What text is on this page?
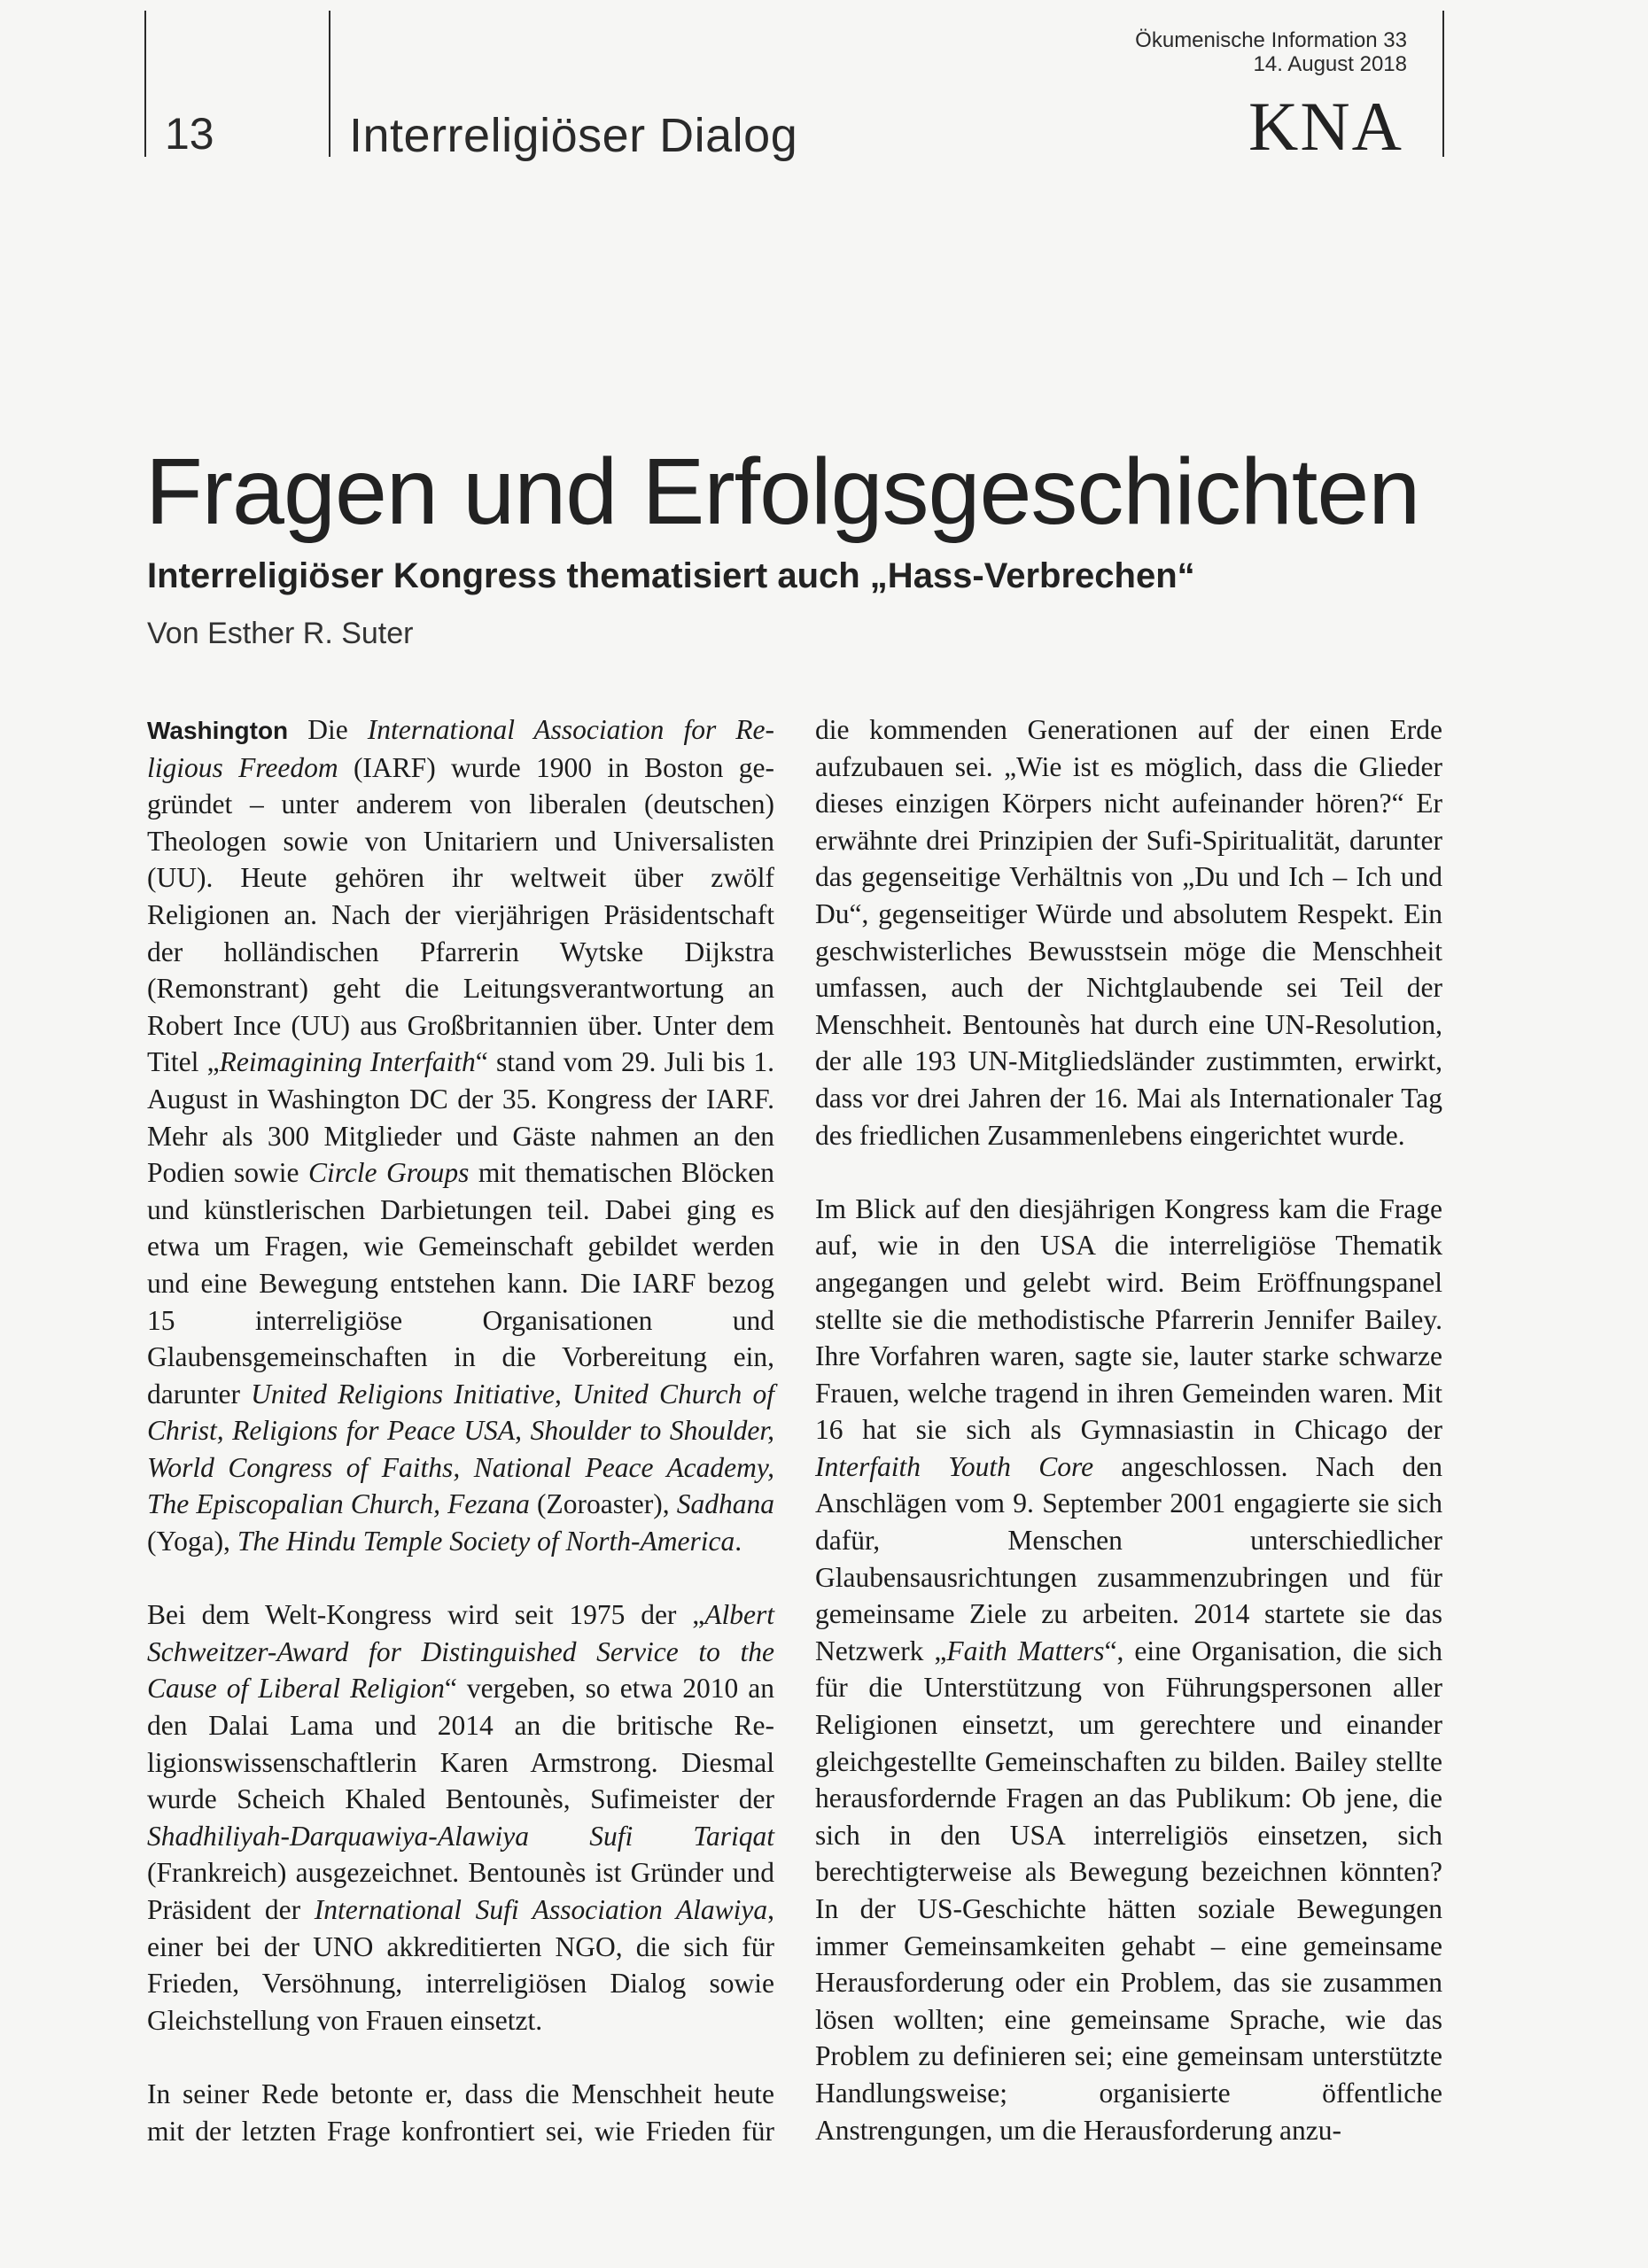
13	Interreligiöser Dialog
Ökumenische Information 33
14. August 2018
KNA
Fragen und Erfolgsgeschichten
Interreligiöser Kongress thematisiert auch „Hass-Verbrechen“
Von Esther R. Suter

Washington Die International Association for Religious Freedom (IARF) wurde 1900 in Boston gegründet – unter anderem von liberalen (deutschen) Theologen sowie von Unitariern und Universalisten (UU). Heute gehören ihr weltweit über zwölf Religionen an. Nach der vierjährigen Präsidentschaft der holländischen Pfarrerin Wytske Dijkstra (Remonstrant) geht die Leitungsverantwortung an Robert Ince (UU) aus Großbritannien über. Unter dem Titel „Reimagining Interfaith“ stand vom 29. Juli bis 1. August in Washington DC der 35. Kongress der IARF. Mehr als 300 Mitglieder und Gäste nahmen an den Podien sowie Circle Groups mit thematischen Blöcken und künstlerischen Darbietungen teil. Dabei ging es etwa um Fragen, wie Gemeinschaft gebildet werden und eine Bewegung entstehen kann. Die IARF bezog 15 interreligiöse Organisationen und Glaubensgemeinschaften in die Vorbereitung ein, darunter United Religions Initiative, United Church of Christ, Religions for Peace USA, Shoulder to Shoulder, World Congress of Faiths, National Peace Academy, The Episcopalian Church, Fezana (Zoroaster), Sadhana (Yoga), The Hindu Temple Society of North-America.

Bei dem Welt-Kongress wird seit 1975 der „Albert Schweitzer-Award for Distinguished Service to the Cause of Liberal Religion“ vergeben, so etwa 2010 an den Dalai Lama und 2014 an die britische Religionswissenschaftlerin Karen Armstrong. Diesmal wurde Scheich Khaled Bentounès, Sufimeister der Shadhiliyah-Darquawiya-Alawiya Sufi Tariqat (Frankreich) ausgezeichnet. Bentounès ist Gründer und Präsident der International Sufi Association Alawiya, einer bei der UNO akkreditierten NGO, die sich für Frieden, Versöhnung, interreligiösen Dialog sowie Gleichstellung von Frauen einsetzt.

In seiner Rede betonte er, dass die Menschheit heute mit der letzten Frage konfrontiert sei, wie Frieden für

die kommenden Generationen auf der einen Erde aufzubauen sei. „Wie ist es möglich, dass die Glieder dieses einzigen Körpers nicht aufeinander hören?“ Er erwähnte drei Prinzipien der Sufi-Spiritualität, darunter das gegenseitige Verhältnis von „Du und Ich – Ich und Du“, gegenseitiger Würde und absolutem Respekt. Ein geschwisterliches Bewusstsein möge die Menschheit umfassen, auch der Nichtglaubende sei Teil der Menschheit. Bentounès hat durch eine UN-Resolution, der alle 193 UN-Mitgliedsländer zustimmten, erwirkt, dass vor drei Jahren der 16. Mai als Internationaler Tag des friedlichen Zusammenlebens eingerichtet wurde.

Im Blick auf den diesjährigen Kongress kam die Frage auf, wie in den USA die interreligiöse Thematik angegangen und gelebt wird. Beim Eröffnungspanel stellte sie die methodistische Pfarrerin Jennifer Bailey. Ihre Vorfahren waren, sagte sie, lauter starke schwarze Frauen, welche tragend in ihren Gemeinden waren. Mit 16 hat sie sich als Gymnasiastin in Chicago der Interfaith Youth Core angeschlossen. Nach den Anschlägen vom 9. September 2001 engagierte sie sich dafür, Menschen unterschiedlicher Glaubensausrichtungen zusammenzubringen und für gemeinsame Ziele zu arbeiten. 2014 startete sie das Netzwerk „Faith Matters“, eine Organisation, die sich für die Unterstützung von Führungspersonen aller Religionen einsetzt, um gerechtere und einander gleichgestellte Gemeinschaften zu bilden. Bailey stellte herausfordernde Fragen an das Publikum: Ob jene, die sich in den USA interreligiös einsetzen, sich berechtigterweise als Bewegung bezeichnen könnten? In der US-Geschichte hätten soziale Bewegungen immer Gemeinsamkeiten gehabt – eine gemeinsame Herausforderung oder ein Problem, das sie zusammen lösen wollten; eine gemeinsame Sprache, wie das Problem zu definieren sei; eine gemeinsam unterstützte Handlungsweise; organisierte öffentliche Anstrengungen, um die Herausforderung anzu-
